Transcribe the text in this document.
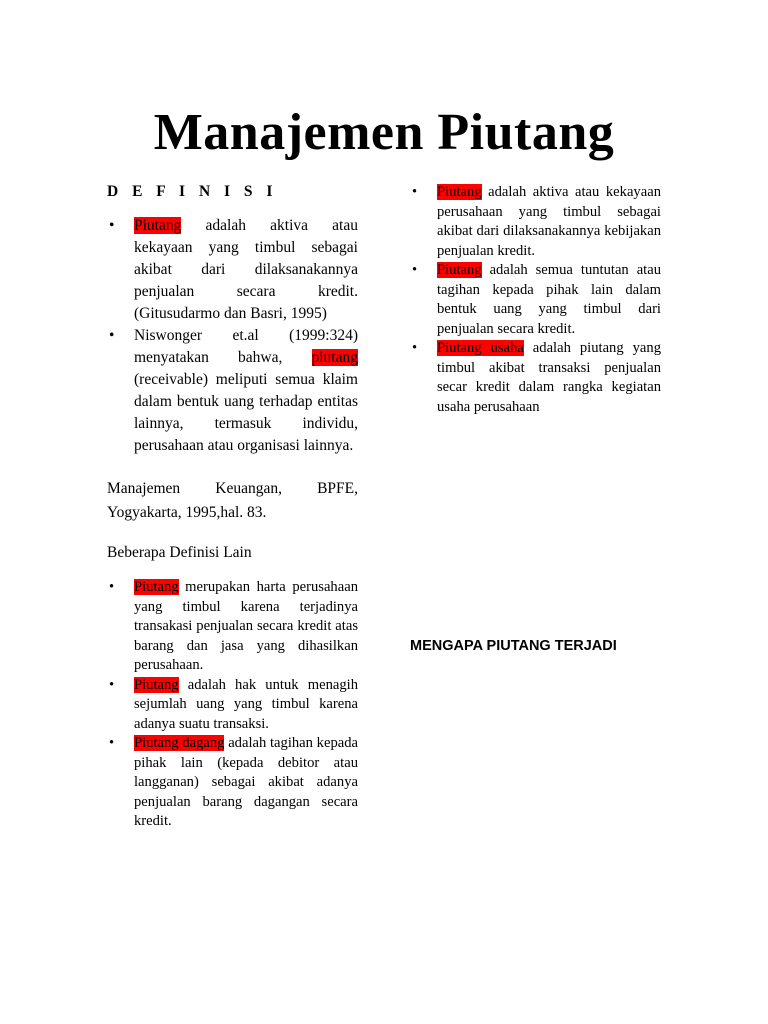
Manajemen Piutang

D E F I N I S I

• Piutang adalah aktiva atau kekayaan yang timbul sebagai akibat dari dilaksanakannya penjualan secara kredit. (Gitusudarmo dan Basri, 1995)
• Niswonger et.al (1999:324) menyatakan bahwa, piutang (receivable) meliputi semua klaim dalam bentuk uang terhadap entitas lainnya, termasuk individu, perusahaan atau organisasi lainnya.

Manajemen Keuangan, BPFE, Yogyakarta, 1995,hal. 83.

Beberapa Definisi Lain

• Piutang merupakan harta perusahaan yang timbul karena terjadinya transakasi penjualan secara kredit atas barang dan jasa yang dihasilkan perusahaan.
• Piutang adalah hak untuk menagih sejumlah uang yang timbul karena adanya suatu transaksi.
• Piutang dagang adalah tagihan kepada pihak lain (kepada debitor atau langganan) sebagai akibat adanya penjualan barang dagangan secara kredit.
• Piutang adalah aktiva atau kekayaan perusahaan yang timbul sebagai akibat dari dilaksanakannya kebijakan penjualan kredit.
• Piutang adalah semua tuntutan atau tagihan kepada pihak lain dalam bentuk uang yang timbul dari penjualan secara kredit.
• Piutang usaha adalah piutang yang timbul akibat transaksi penjualan secar kredit dalam rangka kegiatan usaha perusahaan

MENGAPA PIUTANG TERJADI
